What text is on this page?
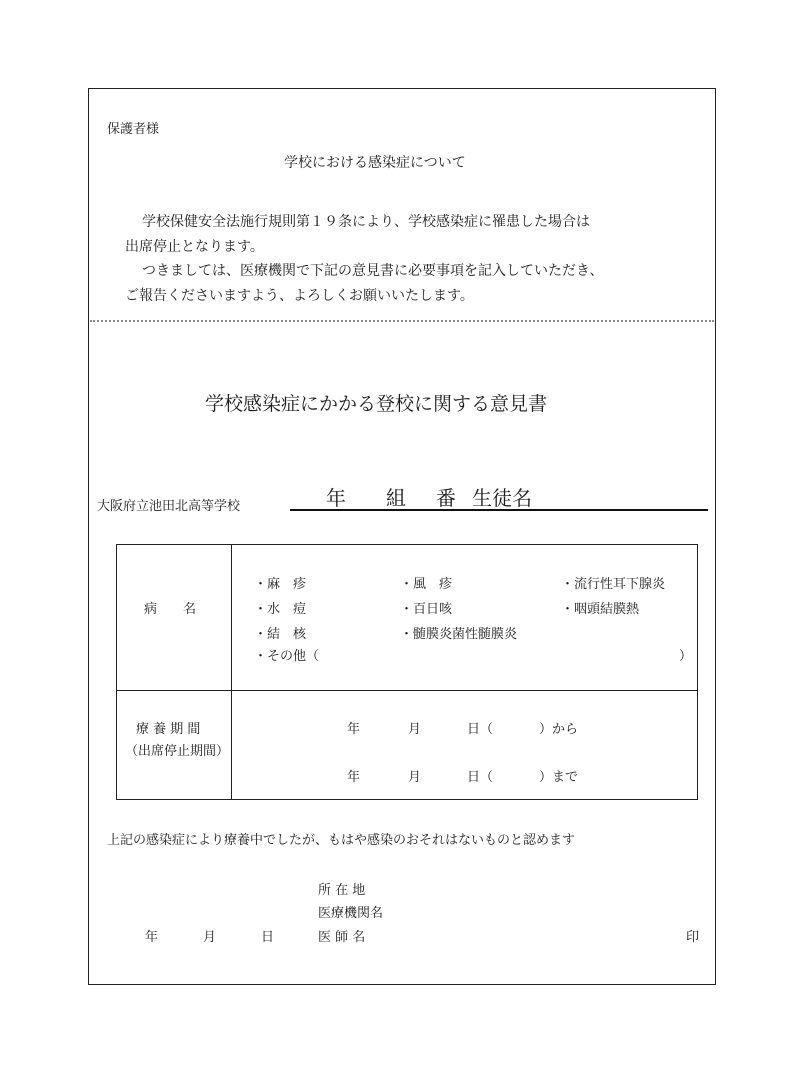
保護者様
学校における感染症について
学校保健安全法施行規則第１９条により、学校感染症に罹患した場合は
出席停止となります。
つきましては、医療機関で下記の意見書に必要事項を記入していただき、
ご報告くださいますよう、よろしくお願いいたします。
学校感染症にかかる登校に関する意見書
大阪府立池田北高等学校	年 組 番 生徒名
病　　名
・麻　疹	・風　疹	・流行性耳下腺炎
・水　痘	・百日咳	・咽頭結膜熱
・結　核	・髄膜炎菌性髄膜炎
・その他（	）
療 養 期 間
（出席停止期間）
年	月	日（	）から
年	月	日（	）まで
上記の感染症により療養中でしたが、もはや感染のおそれはないものと認めます
所 在 地
医療機関名
医 師 名
年	月	日	印
